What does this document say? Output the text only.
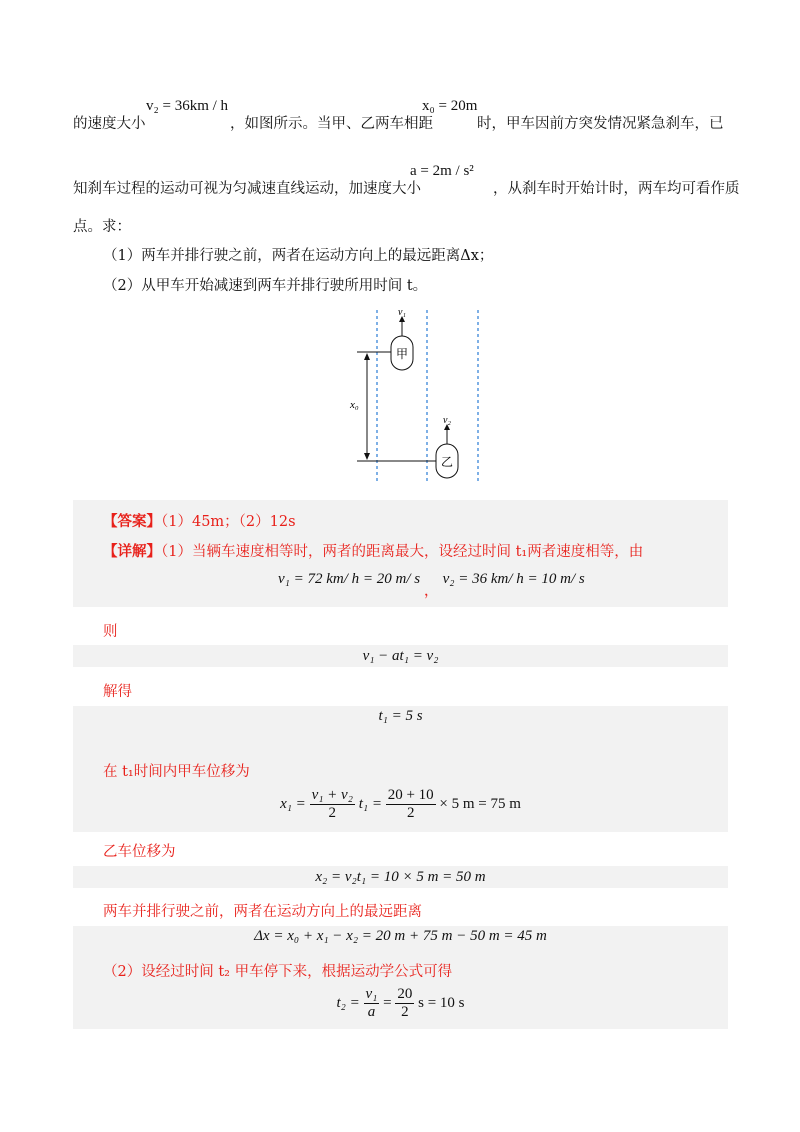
的速度大小
v₂ = 36km / h
，如图所示。当甲、乙两车相距
x₀ = 20m
时，甲车因前方突发情况紧急刹车，已
知刹车过程的运动可视为匀减速直线运动，加速度大小
a = 2m / s²
，从刹车时开始计时，两车均可看作质
点。求：
（1）两车并排行驶之前，两者在运动方向上的最远距离Δx；
（2）从甲车开始减速到两车并排行驶所用时间 t。
甲
v₁
乙
v₂
x₀
【答案】（1）45m；（2）12s
【详解】（1）当辆车速度相等时，两者的距离最大，设经过时间 t₁两者速度相等，由
v₁ = 72 km/ h = 20 m/ s ， v₂ = 36 km/ h = 10 m/ s
则
v₁ − at₁ = v₂
解得
t₁ = 5 s
在 t₁时间内甲车位移为
$x_1 = \frac{\text{v₁ + v₂}}{2} t_1 = \frac{20 + 10}{2} \times 5$ m = 75 m
乙车位移为
x₂ = v₂t₁ = 10 × 5 m = 50 m
两车并排行驶之前，两者在运动方向上的最远距离
Δx = x₀ + x₁ − x₂ = 20 m + 75 m − 50 m = 45 m
（2）设经过时间 t₂ 甲车停下来，根据运动学公式可得
$t_2 = \frac{\text{v₁}}{a} = \frac{20}{2}$ s = 10 s
